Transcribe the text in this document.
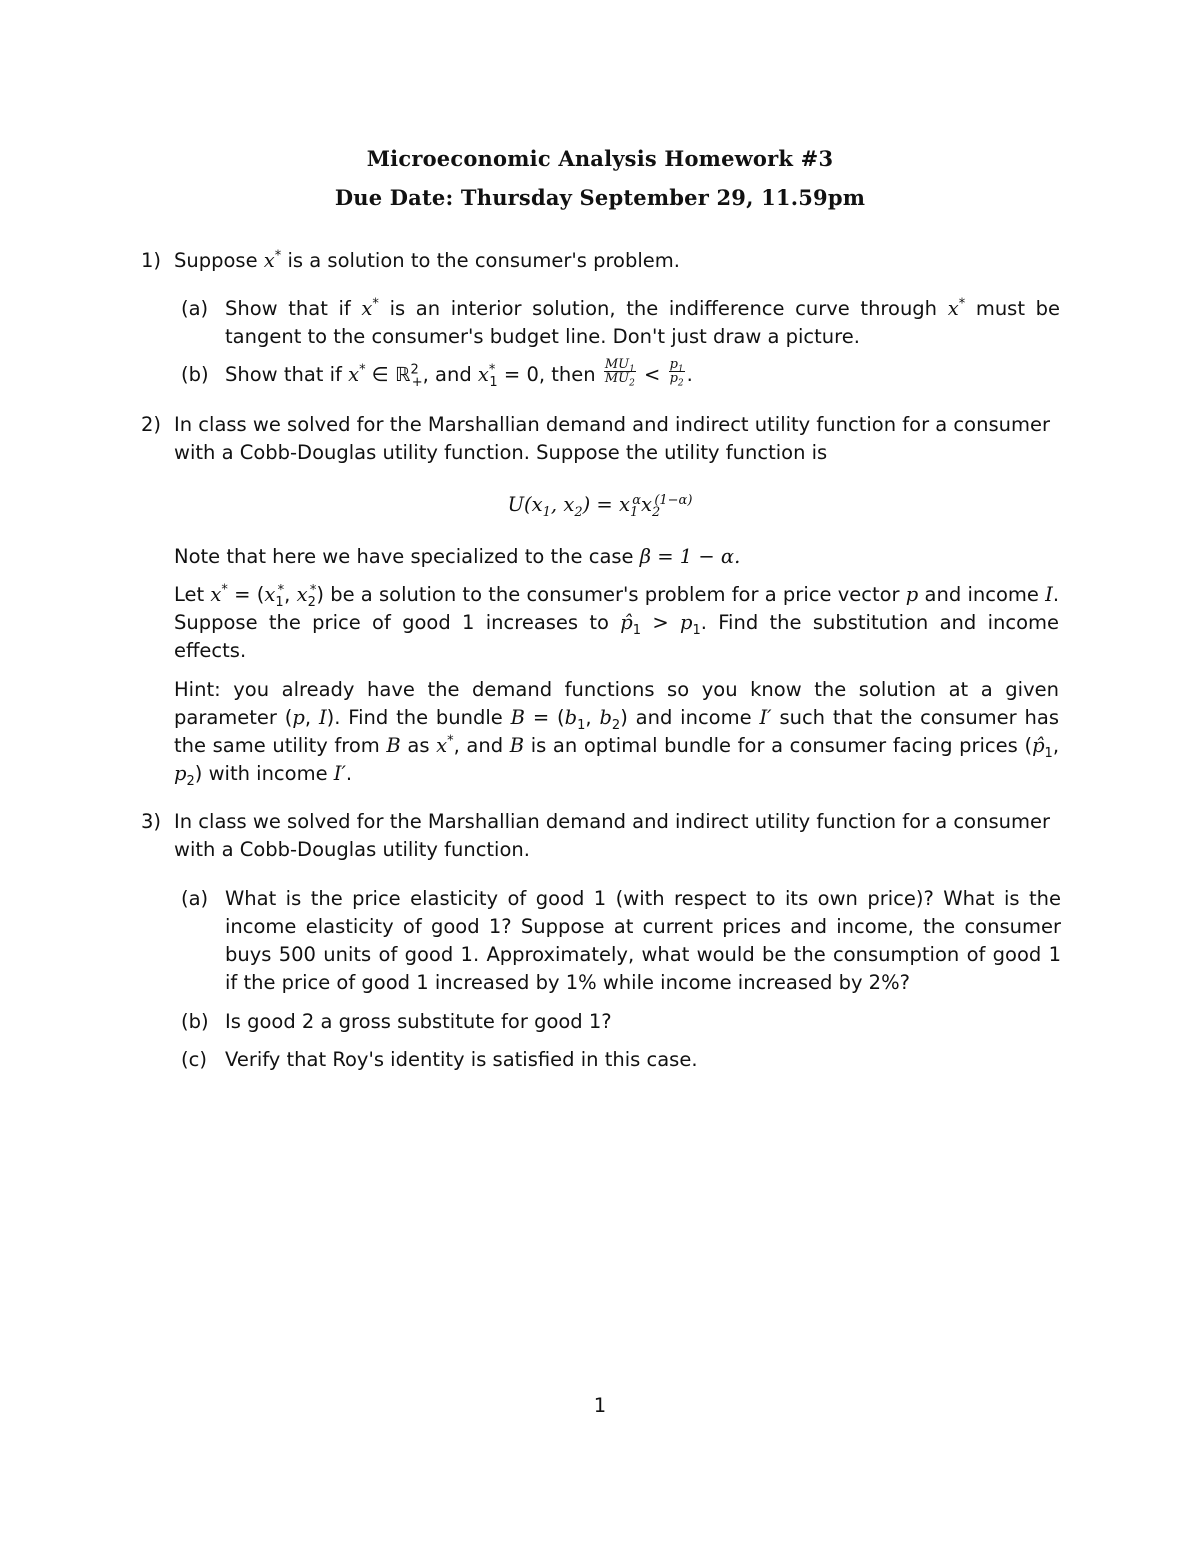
Microeconomic Analysis Homework #3
Due Date: Thursday September 29, 11.59pm
1) Suppose x* is a solution to the consumer's problem.
(a) Show that if x* is an interior solution, the indifference curve through x* must be tangent to the consumer's budget line. Don't just draw a picture.
(b) Show that if x* ∈ ℝ$^2_+$, and $x^*_1 = 0$, then $\frac{MU_1}{MU_2} < \frac{p_1}{p_2}$ .
2) In class we solved for the Marshallian demand and indirect utility function for a consumer with a Cobb-Douglas utility function. Suppose the utility function is
$U(x_1$, $x_2) = x_1^\alpha x_2^{(1-\alpha)}$
Note that here we have specialized to the case β = 1 − α.
Let $x^* = (x_1^*$, $x_2^*$) be a solution to the consumer's problem for a price vector p and income I. Suppose the price of good 1 increases to $p̂_1 > p_1$. Find the substitution and income effects.
Hint: you already have the demand functions so you know the solution at a given parameter (p, I). Find the bundle $B = (b_1$, $b_2$) and income I′ such that the consumer has the same utility from B as x*, and B is an optimal bundle for a consumer facing prices ($p̂_1$, $p_2$) with income I′.
3) In class we solved for the Marshallian demand and indirect utility function for a consumer with a Cobb-Douglas utility function.
(a) What is the price elasticity of good 1 (with respect to its own price)? What is the income elasticity of good 1? Suppose at current prices and income, the consumer buys 500 units of good 1. Approximately, what would be the consumption of good 1 if the price of good 1 increased by 1% while income increased by 2%?
(b) Is good 2 a gross substitute for good 1?
(c) Verify that Roy's identity is satisfied in this case.
1
